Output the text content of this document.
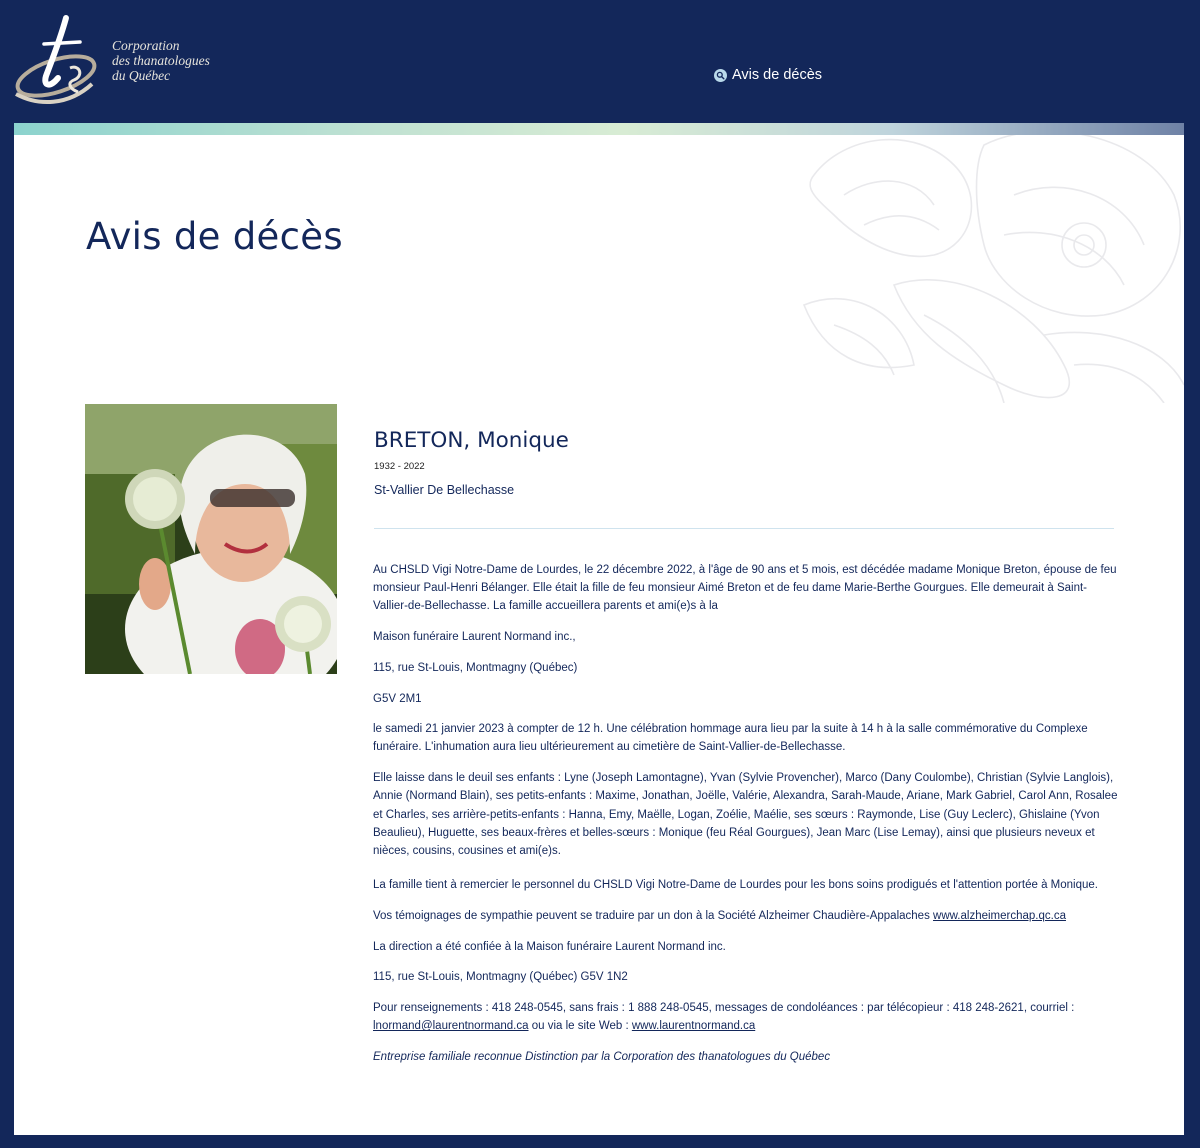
Corporation
des thanatologues
du Québec	Avis de décès
Avis de décès
BRETON, Monique
1932 - 2022
St-Vallier De Bellechasse

Au CHSLD Vigi Notre-Dame de Lourdes, le 22 décembre 2022, à l'âge de 90 ans et 5 mois, est décédée madame Monique Breton, épouse de feu monsieur Paul-Henri Bélanger. Elle était la fille de feu monsieur Aimé Breton et de feu dame Marie-Berthe Gourgues. Elle demeurait à Saint-Vallier-de-Bellechasse. La famille accueillera parents et ami(e)s à la

Maison funéraire Laurent Normand inc.,

115, rue St-Louis, Montmagny (Québec)

G5V 2M1

le samedi 21 janvier 2023 à compter de 12 h. Une célébration hommage aura lieu par la suite à 14 h à la salle commémorative du Complexe funéraire. L'inhumation aura lieu ultérieurement au cimetière de Saint-Vallier-de-Bellechasse.

Elle laisse dans le deuil ses enfants : Lyne (Joseph Lamontagne), Yvan (Sylvie Provencher), Marco (Dany Coulombe), Christian (Sylvie Langlois), Annie (Normand Blain), ses petits-enfants : Maxime, Jonathan, Joëlle, Valérie, Alexandra, Sarah-Maude, Ariane, Mark Gabriel, Carol Ann, Rosalee et Charles, ses arrière-petits-enfants : Hanna, Emy, Maëlle, Logan, Zoélie, Maélie, ses sœurs : Raymonde, Lise (Guy Leclerc), Ghislaine (Yvon Beaulieu), Huguette, ses beaux-frères et belles-sœurs : Monique (feu Réal Gourgues), Jean Marc (Lise Lemay), ainsi que plusieurs neveux et nièces, cousins, cousines et ami(e)s.

La famille tient à remercier le personnel du CHSLD Vigi Notre-Dame de Lourdes pour les bons soins prodigués et l'attention portée à Monique.

Vos témoignages de sympathie peuvent se traduire par un don à la Société Alzheimer Chaudière-Appalaches www.alzheimerchap.qc.ca

La direction a été confiée à la Maison funéraire Laurent Normand inc.

115, rue St-Louis, Montmagny (Québec) G5V 1N2

Pour renseignements : 418 248-0545, sans frais : 1 888 248-0545, messages de condoléances : par télécopieur : 418 248-2621, courriel : lnormand@laurentnormand.ca ou via le site Web : www.laurentnormand.ca

Entreprise familiale reconnue Distinction par la Corporation des thanatologues du Québec
